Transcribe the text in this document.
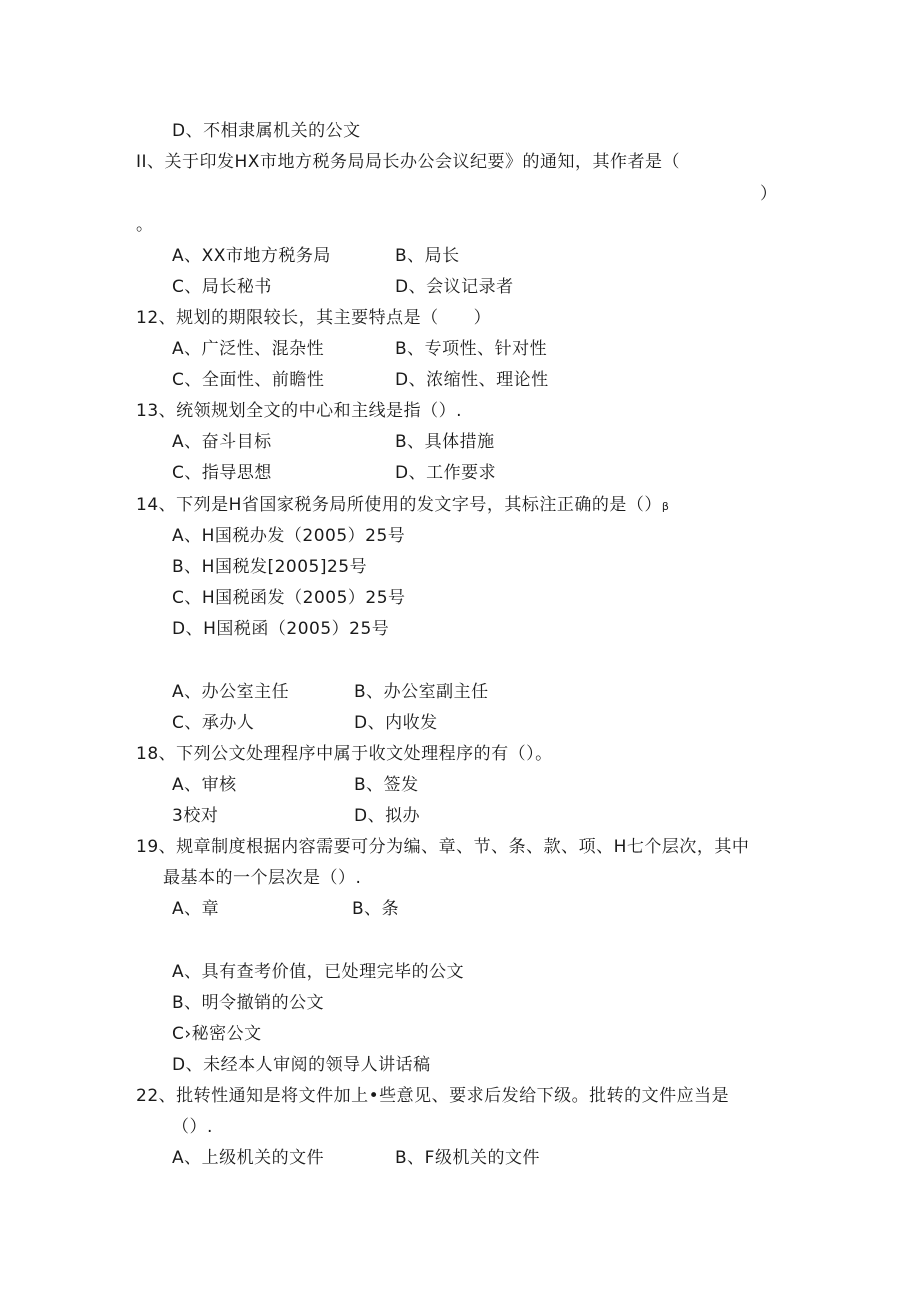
D、不相隶属机关的公文
II、关于印发HX市地方税务局局长办公会议纪要》的通知，其作者是（
）
。
A、XX市地方税务局	B、局长
C、局长秘书	D、会议记录者
12、规划的期限较长，其主要特点是（　　）
A、广泛性、混杂性	B、专项性、针对性
C、全面性、前瞻性	D、浓缩性、理论性
13、统领规划全文的中心和主线是指（）.
A、奋斗目标	B、具体措施
C、指导思想	D、工作要求
14、下列是H省国家税务局所使用的发文字号，其标注正确的是（）β
A、H国税办发（2005）25号
B、H国税发[2005]25号
C、H国税函发（2005）25号
D、H国税函（2005）25号
A、办公室主任	B、办公室副主任
C、承办人	D、内收发
18、下列公文处理程序中属于收文处理程序的有（）。
A、审核	B、签发
3校对	D、拟办
19、规章制度根据内容需要可分为编、章、节、条、款、项、H七个层次，其中
最基本的一个层次是（）.
A、章	B、条
A、具有查考价值，已处理完毕的公文
B、明令撤销的公文
C›秘密公文
D、未经本人审阅的领导人讲话稿
22、批转性通知是将文件加上•些意见、要求后发给下级。批转的文件应当是
（）.
A、上级机关的文件	B、F级机关的文件
